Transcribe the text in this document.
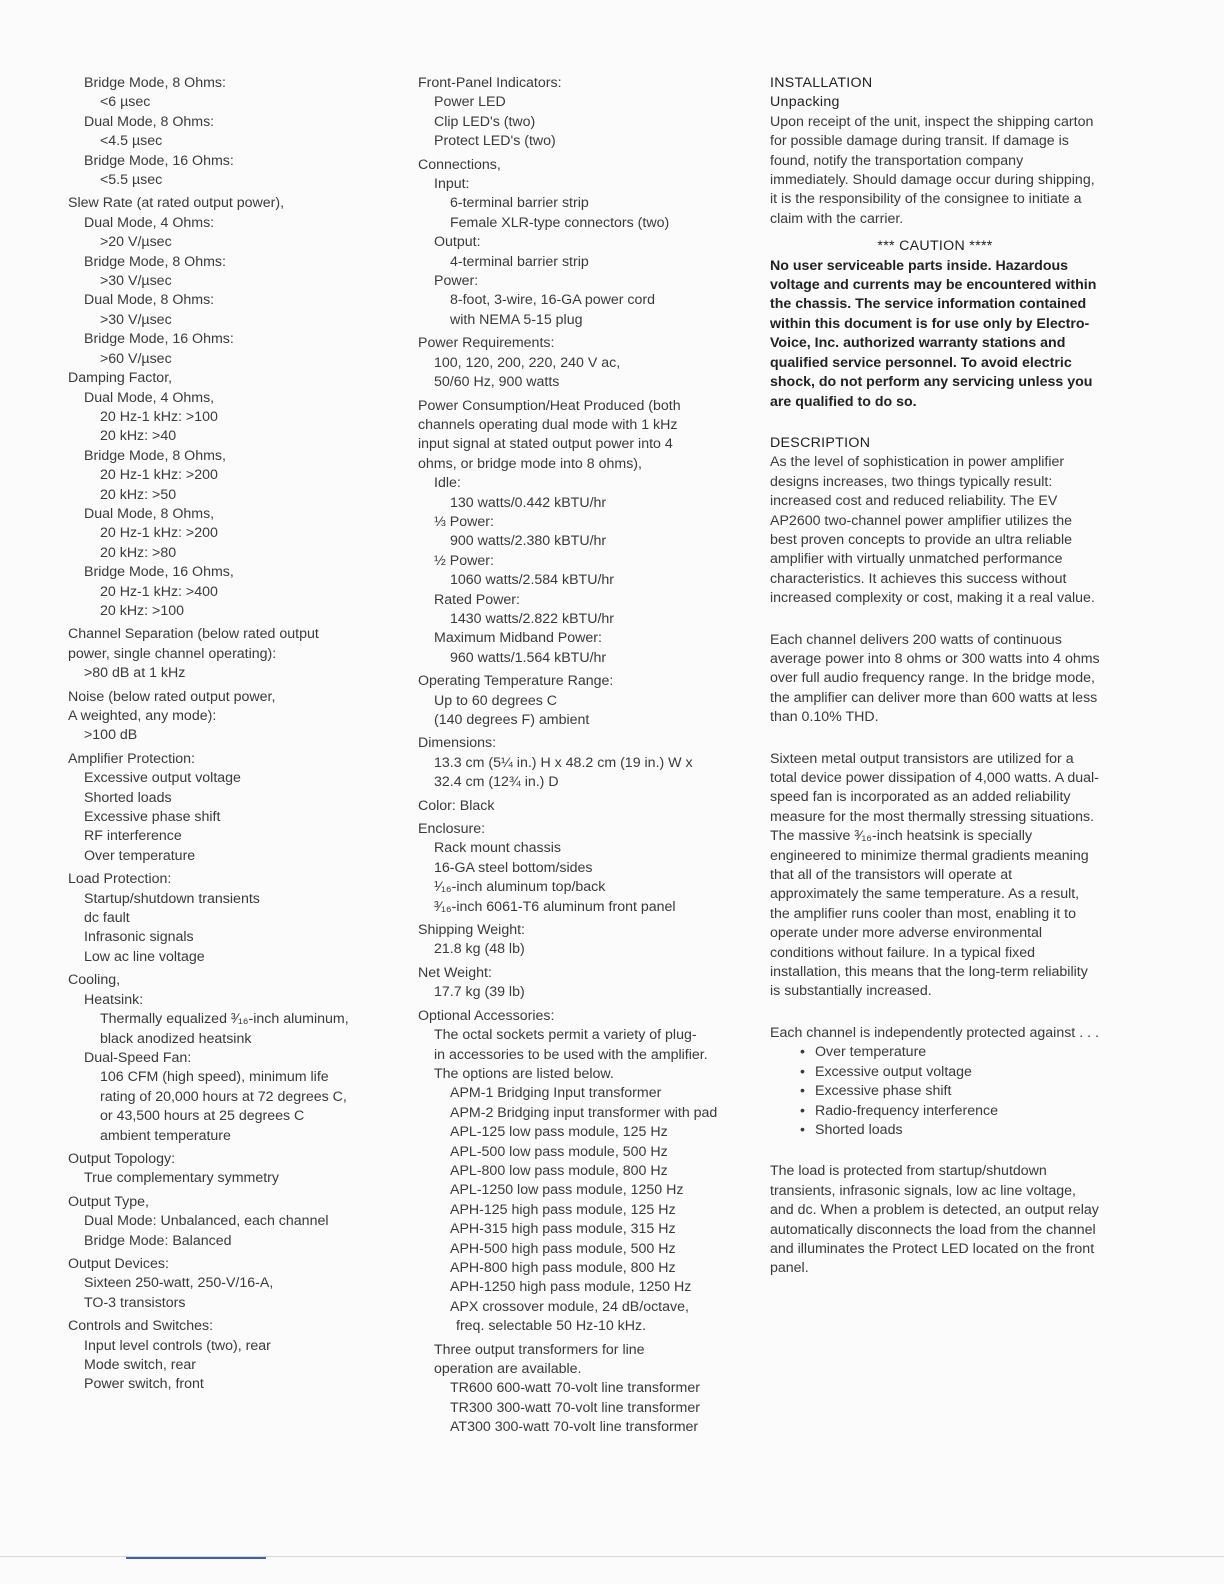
Bridge Mode, 8 Ohms:
<6 µsec
Dual Mode, 8 Ohms:
<4.5 µsec
Bridge Mode, 16 Ohms:
<5.5 µsec
Slew Rate (at rated output power),
Dual Mode, 4 Ohms:
>20 V/µsec
Bridge Mode, 8 Ohms:
>30 V/µsec
Dual Mode, 8 Ohms:
>30 V/µsec
Bridge Mode, 16 Ohms:
>60 V/µsec
Damping Factor,
Dual Mode, 4 Ohms,
20 Hz-1 kHz: >100
20 kHz: >40
Bridge Mode, 8 Ohms,
20 Hz-1 kHz: >200
20 kHz: >50
Dual Mode, 8 Ohms,
20 Hz-1 kHz: >200
20 kHz: >80
Bridge Mode, 16 Ohms,
20 Hz-1 kHz: >400
20 kHz: >100
Channel Separation (below rated output
power, single channel operating):
>80 dB at 1 kHz
Noise (below rated output power,
A weighted, any mode):
>100 dB
Amplifier Protection:
Excessive output voltage
Shorted loads
Excessive phase shift
RF interference
Over temperature
Load Protection:
Startup/shutdown transients
dc fault
Infrasonic signals
Low ac line voltage
Cooling,
Heatsink:
Thermally equalized ³⁄₁₆-inch aluminum,
black anodized heatsink
Dual-Speed Fan:
106 CFM (high speed), minimum life
rating of 20,000 hours at 72 degrees C,
or 43,500 hours at 25 degrees C
ambient temperature
Output Topology:
True complementary symmetry
Output Type,
Dual Mode: Unbalanced, each channel
Bridge Mode: Balanced
Output Devices:
Sixteen 250-watt, 250-V/16-A,
TO-3 transistors
Controls and Switches:
Input level controls (two), rear
Mode switch, rear
Power switch, front
Front-Panel Indicators:
Power LED
Clip LED's (two)
Protect LED's (two)
Connections,
Input:
6-terminal barrier strip
Female XLR-type connectors (two)
Output:
4-terminal barrier strip
Power:
8-foot, 3-wire, 16-GA power cord
with NEMA 5-15 plug
Power Requirements:
100, 120, 200, 220, 240 V ac,
50/60 Hz, 900 watts
Power Consumption/Heat Produced (both
channels operating dual mode with 1 kHz
input signal at stated output power into 4
ohms, or bridge mode into 8 ohms),
Idle:
130 watts/0.442 kBTU/hr
⅓ Power:
900 watts/2.380 kBTU/hr
½ Power:
1060 watts/2.584 kBTU/hr
Rated Power:
1430 watts/2.822 kBTU/hr
Maximum Midband Power:
960 watts/1.564 kBTU/hr
Operating Temperature Range:
Up to 60 degrees C
(140 degrees F) ambient
Dimensions:
13.3 cm (5¼ in.) H x 48.2 cm (19 in.) W x
32.4 cm (12¾ in.) D
Color: Black
Enclosure:
Rack mount chassis
16-GA steel bottom/sides
¹⁄₁₆-inch aluminum top/back
³⁄₁₆-inch 6061-T6 aluminum front panel
Shipping Weight:
21.8 kg (48 lb)
Net Weight:
17.7 kg (39 lb)
Optional Accessories:
The octal sockets permit a variety of plug-
in accessories to be used with the amplifier.
The options are listed below.
APM-1 Bridging Input transformer
APM-2 Bridging input transformer with pad
APL-125 low pass module, 125 Hz
APL-500 low pass module, 500 Hz
APL-800 low pass module, 800 Hz
APL-1250 low pass module, 1250 Hz
APH-125 high pass module, 125 Hz
APH-315 high pass module, 315 Hz
APH-500 high pass module, 500 Hz
APH-800 high pass module, 800 Hz
APH-1250 high pass module, 1250 Hz
APX crossover module, 24 dB/octave,
freq. selectable 50 Hz-10 kHz.
Three output transformers for line
operation are available.
TR600 600-watt 70-volt line transformer
TR300 300-watt 70-volt line transformer
AT300 300-watt 70-volt line transformer
INSTALLATION
Unpacking
Upon receipt of the unit, inspect the shipping carton for possible damage during transit. If damage is found, notify the transportation company immediately. Should damage occur during shipping, it is the responsibility of the consignee to initiate a claim with the carrier.
*** CAUTION ****
No user serviceable parts inside. Hazardous voltage and currents may be encountered within the chassis. The service information contained within this document is for use only by Electro-Voice, Inc. authorized warranty stations and qualified service personnel. To avoid electric shock, do not perform any servicing unless you are qualified to do so.
DESCRIPTION
As the level of sophistication in power amplifier designs increases, two things typically result: increased cost and reduced reliability. The EV AP2600 two-channel power amplifier utilizes the best proven concepts to provide an ultra reliable amplifier with virtually unmatched performance characteristics. It achieves this success without increased complexity or cost, making it a real value.
Each channel delivers 200 watts of continuous average power into 8 ohms or 300 watts into 4 ohms over full audio frequency range. In the bridge mode, the amplifier can deliver more than 600 watts at less than 0.10% THD.
Sixteen metal output transistors are utilized for a total device power dissipation of 4,000 watts. A dual-speed fan is incorporated as an added reliability measure for the most thermally stressing situations. The massive ³⁄₁₆-inch heatsink is specially engineered to minimize thermal gradients meaning that all of the transistors will operate at approximately the same temperature. As a result, the amplifier runs cooler than most, enabling it to operate under more adverse environmental conditions without failure. In a typical fixed installation, this means that the long-term reliability is substantially increased.
Each channel is independently protected against . . .
• Over temperature
• Excessive output voltage
• Excessive phase shift
• Radio-frequency interference
• Shorted loads
The load is protected from startup/shutdown transients, infrasonic signals, low ac line voltage, and dc. When a problem is detected, an output relay automatically disconnects the load from the channel and illuminates the Protect LED located on the front panel.
